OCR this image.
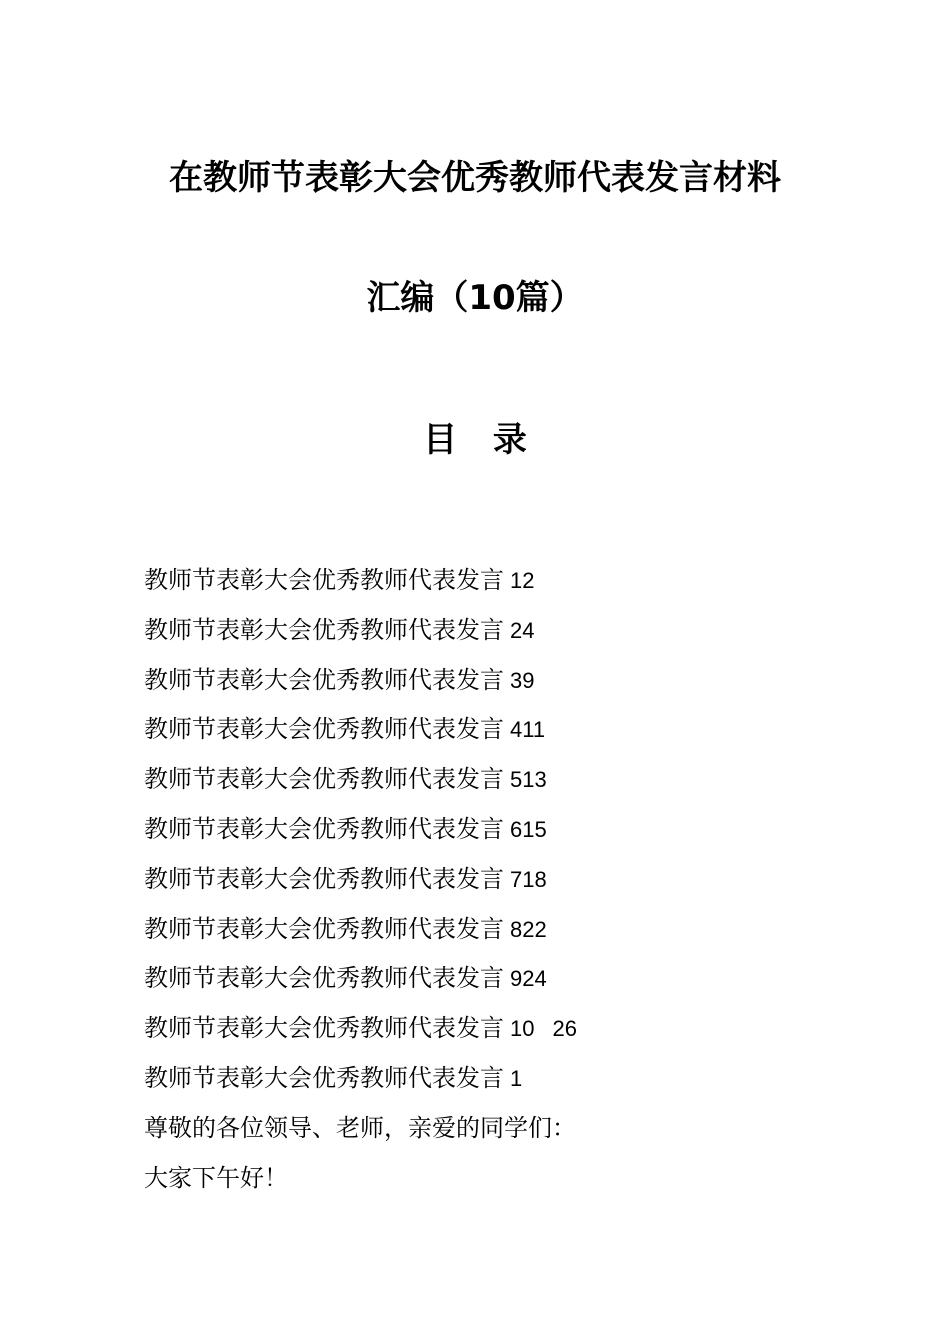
在教师节表彰大会优秀教师代表发言材料
汇编（10篇）
目 录
教师节表彰大会优秀教师代表发言 12
教师节表彰大会优秀教师代表发言 24
教师节表彰大会优秀教师代表发言 39
教师节表彰大会优秀教师代表发言 411
教师节表彰大会优秀教师代表发言 513
教师节表彰大会优秀教师代表发言 615
教师节表彰大会优秀教师代表发言 718
教师节表彰大会优秀教师代表发言 822
教师节表彰大会优秀教师代表发言 924
教师节表彰大会优秀教师代表发言 10 26
教师节表彰大会优秀教师代表发言 1
尊敬的各位领导、老师，亲爱的同学们：
大家下午好！
